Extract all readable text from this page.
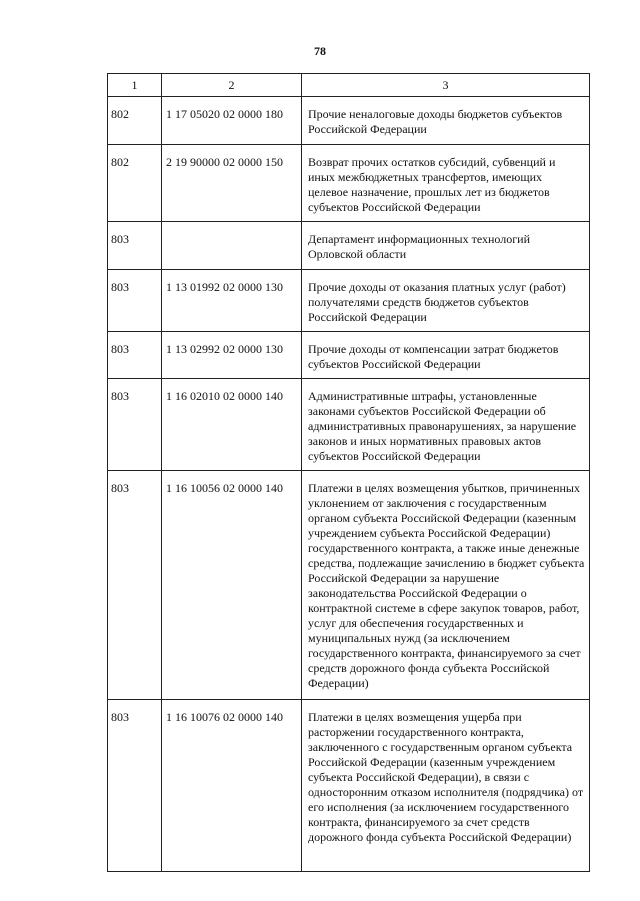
78
1	2	3
802	1 17 05020 02 0000 180	Прочие неналоговые доходы бюджетов субъектов Российской Федерации
802	2 19 90000 02 0000 150	Возврат прочих остатков субсидий, субвенций и иных межбюджетных трансфертов, имеющих целевое назначение, прошлых лет из бюджетов субъектов Российской Федерации
803		Департамент информационных технологий Орловской области
803	1 13 01992 02 0000 130	Прочие доходы от оказания платных услуг (работ) получателями средств бюджетов субъектов Российской Федерации
803	1 13 02992 02 0000 130	Прочие доходы от компенсации затрат бюджетов субъектов Российской Федерации
803	1 16 02010 02 0000 140	Административные штрафы, установленные законами субъектов Российской Федерации об административных правонарушениях, за нарушение законов и иных нормативных правовых актов субъектов Российской Федерации
803	1 16 10056 02 0000 140	Платежи в целях возмещения убытков, причиненных уклонением от заключения с государственным органом субъекта Российской Федерации (казенным учреждением субъекта Российской Федерации) государственного контракта, а также иные денежные средства, подлежащие зачислению в бюджет субъекта Российской Федерации за нарушение законодательства Российской Федерации о контрактной системе в сфере закупок товаров, работ, услуг для обеспечения государственных и муниципальных нужд (за исключением государственного контракта, финансируемого за счет средств дорожного фонда субъекта Российской Федерации)
803	1 16 10076 02 0000 140	Платежи в целях возмещения ущерба при расторжении государственного контракта, заключенного с государственным органом субъекта Российской Федерации (казенным учреждением субъекта Российской Федерации), в связи с односторонним отказом исполнителя (подрядчика) от его исполнения (за исключением государственного контракта, финансируемого за счет средств дорожного фонда субъекта Российской Федерации)
